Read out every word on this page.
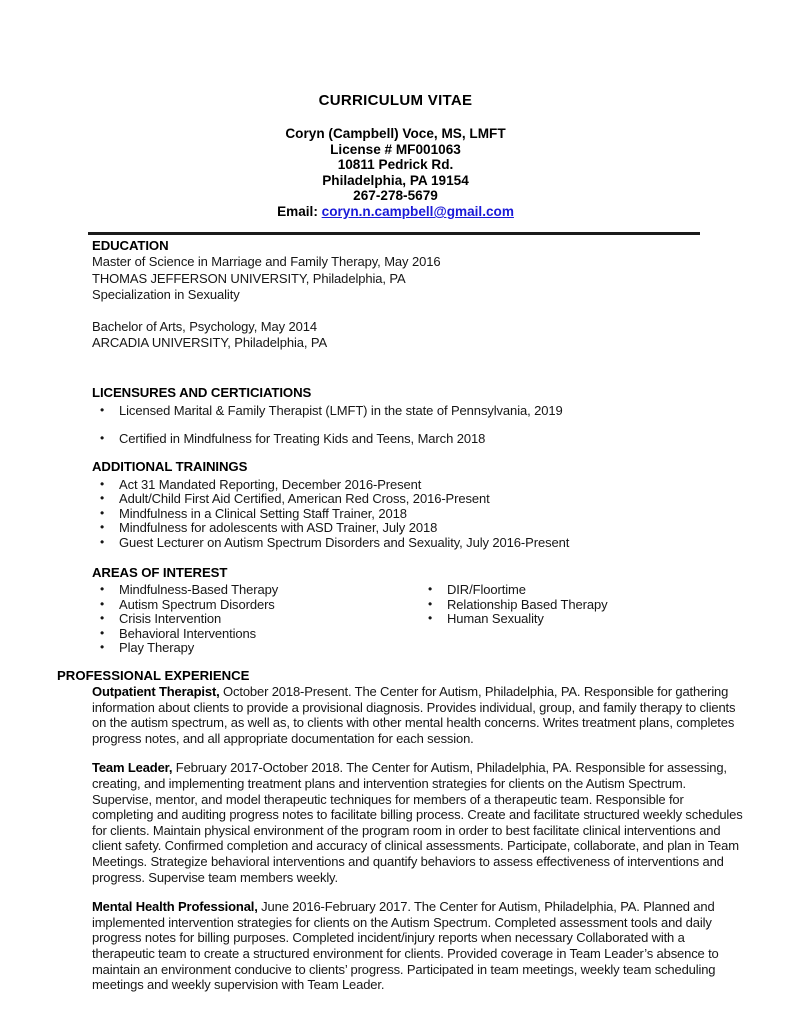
CURRICULUM VITAE
Coryn (Campbell) Voce, MS, LMFT
License # MF001063
10811 Pedrick Rd.
Philadelphia, PA 19154
267-278-5679
Email: coryn.n.campbell@gmail.com
EDUCATION
Master of Science in Marriage and Family Therapy, May 2016
THOMAS JEFFERSON UNIVERSITY, Philadelphia, PA
Specialization in Sexuality
Bachelor of Arts, Psychology, May 2014
ARCADIA UNIVERSITY, Philadelphia, PA
LICENSURES AND CERTICIATIONS
• Licensed Marital & Family Therapist (LMFT) in the state of Pennsylvania, 2019
• Certified in Mindfulness for Treating Kids and Teens, March 2018
ADDITIONAL TRAININGS
• Act 31 Mandated Reporting, December 2016-Present
• Adult/Child First Aid Certified, American Red Cross, 2016-Present
• Mindfulness in a Clinical Setting Staff Trainer, 2018
• Mindfulness for adolescents with ASD Trainer, July 2018
• Guest Lecturer on Autism Spectrum Disorders and Sexuality, July 2016-Present
AREAS OF INTEREST
• Mindfulness-Based Therapy
• Autism Spectrum Disorders
• Crisis Intervention
• Behavioral Interventions
• Play Therapy
• DIR/Floortime
• Relationship Based Therapy
• Human Sexuality
PROFESSIONAL EXPERIENCE
Outpatient Therapist, October 2018-Present. The Center for Autism, Philadelphia, PA. Responsible for gathering information about clients to provide a provisional diagnosis. Provides individual, group, and family therapy to clients on the autism spectrum, as well as, to clients with other mental health concerns. Writes treatment plans, completes progress notes, and all appropriate documentation for each session.
Team Leader, February 2017-October 2018. The Center for Autism, Philadelphia, PA. Responsible for assessing, creating, and implementing treatment plans and intervention strategies for clients on the Autism Spectrum. Supervise, mentor, and model therapeutic techniques for members of a therapeutic team. Responsible for completing and auditing progress notes to facilitate billing process. Create and facilitate structured weekly schedules for clients. Maintain physical environment of the program room in order to best facilitate clinical interventions and client safety. Confirmed completion and accuracy of clinical assessments. Participate, collaborate, and plan in Team Meetings. Strategize behavioral interventions and quantify behaviors to assess effectiveness of interventions and progress. Supervise team members weekly.
Mental Health Professional, June 2016-February 2017. The Center for Autism, Philadelphia, PA. Planned and implemented intervention strategies for clients on the Autism Spectrum. Completed assessment tools and daily progress notes for billing purposes. Completed incident/injury reports when necessary Collaborated with a therapeutic team to create a structured environment for clients. Provided coverage in Team Leader’s absence to maintain an environment conducive to clients’ progress. Participated in team meetings, weekly team scheduling meetings and weekly supervision with Team Leader.
